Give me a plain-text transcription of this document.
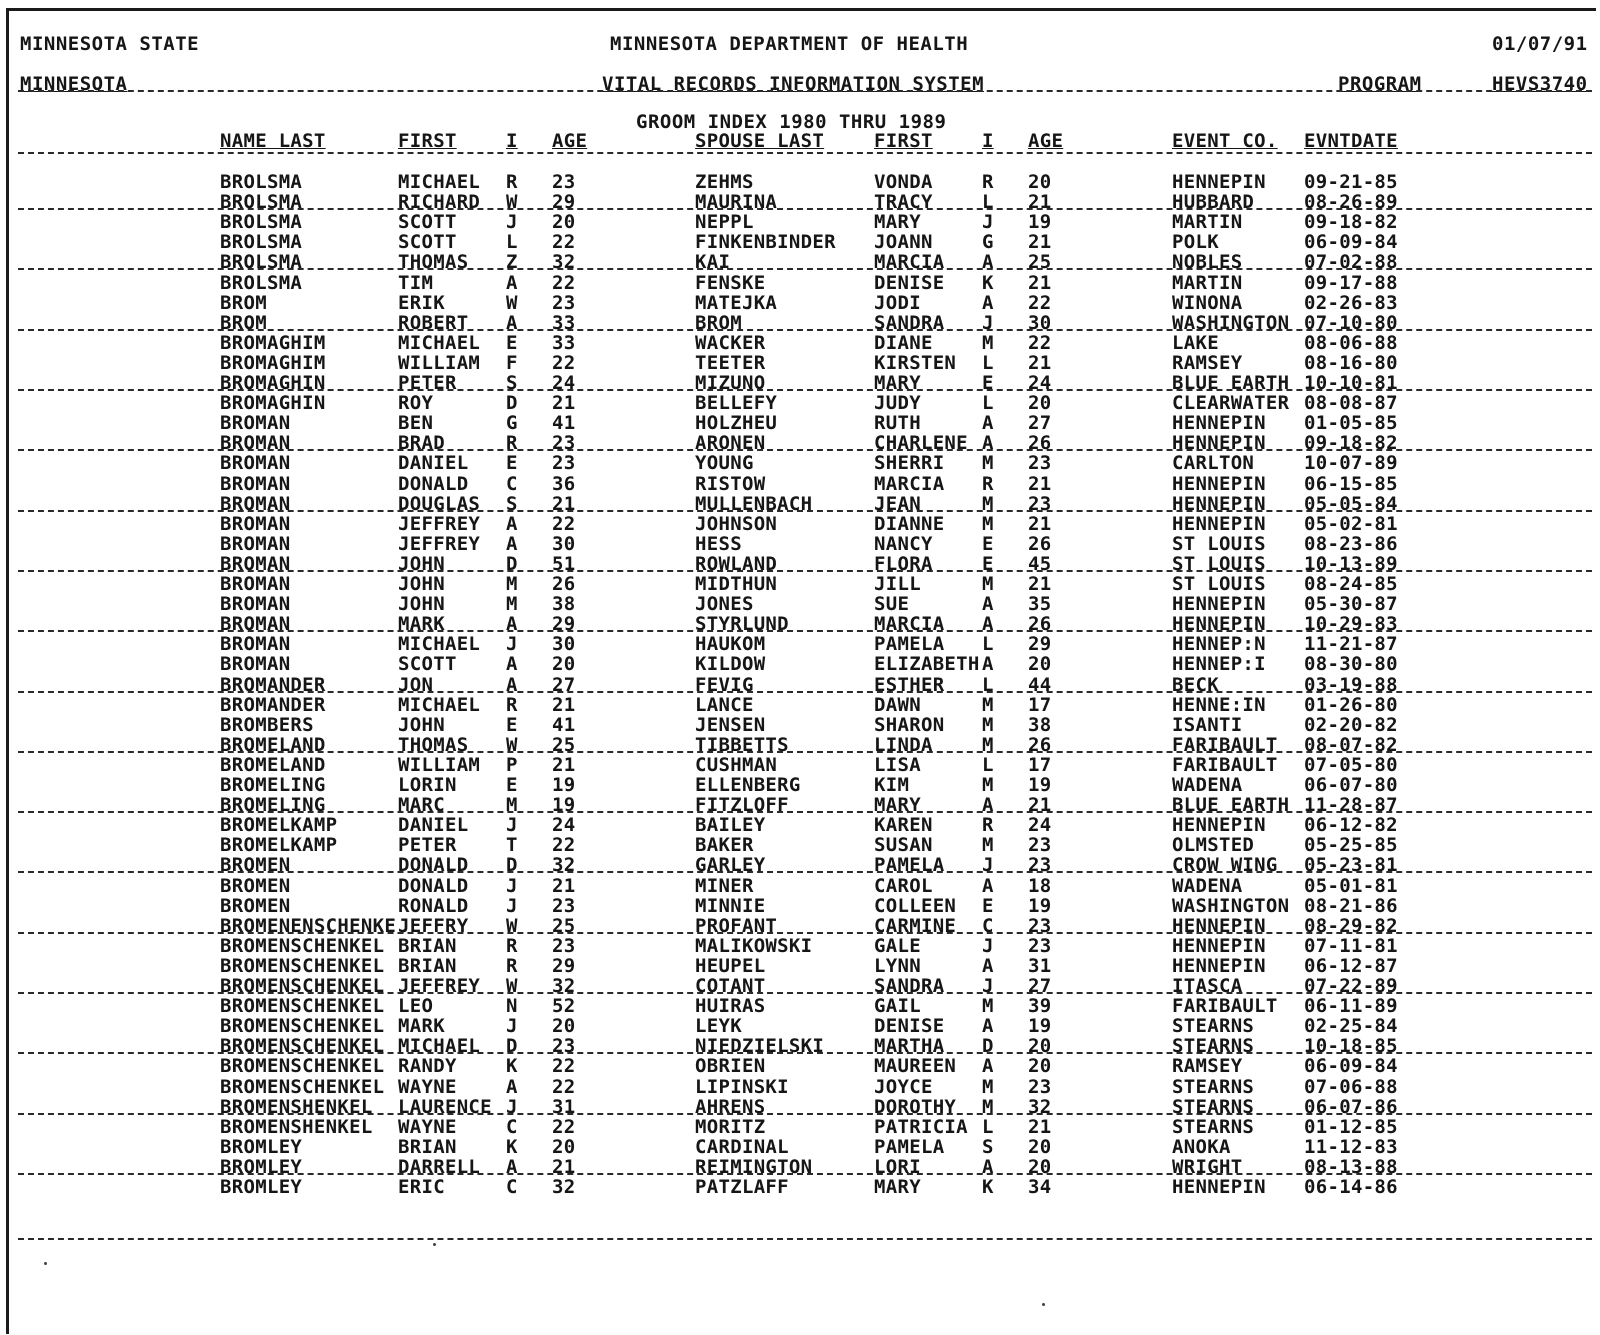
MINNESOTA STATE	MINNESOTA DEPARTMENT OF HEALTH	01/07/91
MINNESOTA	VITAL RECORDS INFORMATION SYSTEM	PROGRAM	HEVS3740
GROOM INDEX 1980 THRU 1989
NAME LAST	FIRST	I AGE	SPOUSE LAST	FIRST	I AGE	EVENT CO. EVNTDATE
BROLSMA	MICHAEL R 23	ZEHMS	VONDA	R 20	HENNEPIN 09-21-85
BROLSMA	RICHARD W 29	MAURINA	TRACY	L 21	HUBBARD	08-26-89
BROLSMA	SCOTT	J 20	NEPPL	MARY	J 19	MARTIN	09-18-82
BROLSMA	SCOTT	L 22	FINKENBINDER JOANN	G 21	POLK	06-09-84
BROLSMA	THOMAS Z 32	KAI	MARCIA A 25	NOBLES	07-02-88
BROLSMA	TIM	A 22	FENSKE	DENISE K 21	MARTIN	09-17-88
BROM	ERIK	W 23	MATEJKA	JODI	A 22	WINONA	02-26-83
BROM	ROBERT A 33	BROM	SANDRA J 30	WASHINGTON 07-10-80
BROMAGHIM	MICHAEL E 33	WACKER	DIANE	M 22	LAKE	08-06-88
BROMAGHIM	WILLIAM F 22	TEETER	KIRSTEN L 21	RAMSEY	08-16-80
BROMAGHIN	PETER	S 24	MIZUNO	MARY	E 24	BLUE EARTH 10-10-81
BROMAGHIN	ROY	D 21	BELLEFY	JUDY	L 20	CLEARWATER 08-08-87
BROMAN	BEN	G 41	HOLZHEU	RUTH	A 27	HENNEPIN 01-05-85
BROMAN	BRAD	R 23	ARONEN	CHARLENE A 26	HENNEPIN 09-18-82
BROMAN	DANIEL E 23	YOUNG	SHERRI M 23	CARLTON	10-07-89
BROMAN	DONALD C 36	RISTOW	MARCIA R 21	HENNEPIN 06-15-85
BROMAN	DOUGLAS S 21	MULLENBACH	JEAN	M 23	HENNEPIN 05-05-84
BROMAN	JEFFREY A 22	JOHNSON	DIANNE M 21	HENNEPIN 05-02-81
BROMAN	JEFFREY A 30	HESS	NANCY	E 26	ST LOUIS 08-23-86
BROMAN	JOHN	D 51	ROWLAND	FLORA	E 45	ST LOUIS 10-13-89
BROMAN	JOHN	M 26	MIDTHUN	JILL	M 21	ST LOUIS 08-24-85
BROMAN	JOHN	M 38	JONES	SUE	A 35	HENNEPIN 05-30-87
BROMAN	MARK	A 29	STYRLUND	MARCIA A 26	HENNEPIN 10-29-83
BROMAN	MICHAEL J 30	HAUKOM	PAMELA L 29	HENNEP:N 11-21-87
BROMAN	SCOTT	A 20	KILDOW	ELIZABETH A 20	HENNEP:I 08-30-80
BROMANDER	JON	A 27	FEVIG	ESTHER L 44	BECK	03-19-88
BROMANDER	MICHAEL R 21	LANCE	DAWN	M 17	HENNE:IN 01-26-80
BROMBERS	JOHN	E 41	JENSEN	SHARON M 38	ISANTI	02-20-82
BROMELAND	THOMAS W 25	TIBBETTS	LINDA	M 26	FARIBAULT 08-07-82
BROMELAND	WILLIAM P 21	CUSHMAN	LISA	L 17	FARIBAULT 07-05-80
BROMELING	LORIN	E 19	ELLENBERG	KIM	M 19	WADENA	06-07-80
BROMELING	MARC	M 19	FITZLOFF	MARY	A 21	BLUE EARTH 11-28-87
BROMELKAMP	DANIEL J 24	BAILEY	KAREN	R 24	HENNEPIN 06-12-82
BROMELKAMP	PETER	T 22	BAKER	SUSAN	M 23	OLMSTED	05-25-85
BROMEN	DONALD D 32	GARLEY	PAMELA J 23	CROW WING 05-23-81
BROMEN	DONALD J 21	MINER	CAROL	A 18	WADENA	05-01-81
BROMEN	RONALD J 23	MINNIE	COLLEEN E 19	WASHINGTON 08-21-86
BROMENENSCHENKE JEFFRY W 25	PROFANT	CARMINE C 23	HENNEPIN 08-29-82
BROMENSCHENKEL BRIAN	R 23	MALIKOWSKI	GALE	J 23	HENNEPIN 07-11-81
BROMENSCHENKEL BRIAN	R 29	HEUPEL	LYNN	A 31	HENNEPIN 06-12-87
BROMENSCHENKEL JEFFREY W 32	COTANT	SANDRA J 27	ITASCA	07-22-89
BROMENSCHENKEL LEO	N 52	HUIRAS	GAIL	M 39	FARIBAULT 06-11-89
BROMENSCHENKEL MARK	J 20	LEYK	DENISE A 19	STEARNS	02-25-84
BROMENSCHENKEL MICHAEL D 23	NIEDZIELSKI	MARTHA D 20	STEARNS	10-18-85
BROMENSCHENKEL RANDY	K 22	OBRIEN	MAUREEN A 20	RAMSEY	06-09-84
BROMENSCHENKEL WAYNE	A 22	LIPINSKI	JOYCE	M 23	STEARNS	07-06-88
BROMENSHENKEL LAURENCE J 31	AHRENS	DOROTHY M 32	STEARNS	06-07-86
BROMENSHENKEL WAYNE	C 22	MORITZ	PATRICIA L 21	STEARNS	01-12-85
BROMLEY	BRIAN	K 20	CARDINAL	PAMELA S 20	ANOKA	11-12-83
BROMLEY	DARRELL A 21	REIMINGTON	LORI	A 20	WRIGHT	08-13-88
BROMLEY	ERIC	C 32	PATZLAFF	MARY	K 34	HENNEPIN 06-14-86
